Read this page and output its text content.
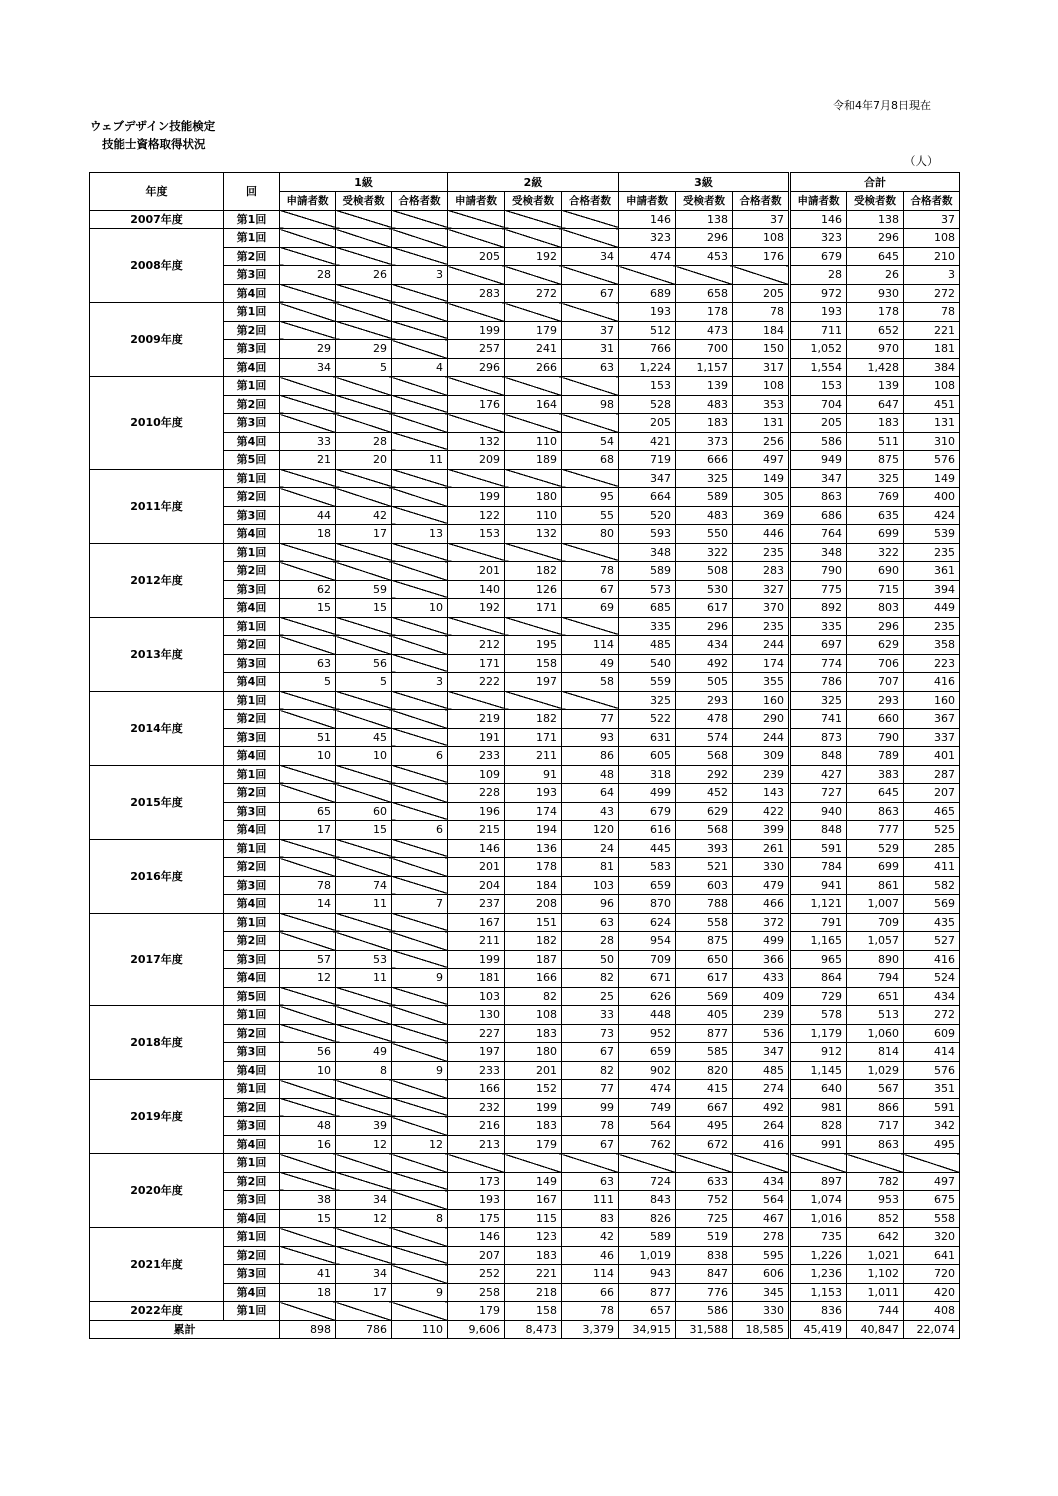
令和4年7月8日現在
ウェブデザイン技能検定
技能士資格取得状況
（人）
年度	回	1級			2級			3級			合計		
		申請者数	受検者数	合格者数	申請者数	受検者数	合格者数	申請者数	受検者数	合格者数	申請者数	受検者数	合格者数
2007年度	第1回							146	138	37	146	138	37
2008年度	第1回							323	296	108	323	296	108
	第2回				205	192	34	474	453	176	679	645	210
	第3回	28	26	3							28	26	3
	第4回				283	272	67	689	658	205	972	930	272
2009年度	第1回							193	178	78	193	178	78
	第2回				199	179	37	512	473	184	711	652	221
	第3回	29	29		257	241	31	766	700	150	1,052	970	181
	第4回	34	5	4	296	266	63	1,224	1,157	317	1,554	1,428	384
2010年度	第1回							153	139	108	153	139	108
	第2回				176	164	98	528	483	353	704	647	451
	第3回							205	183	131	205	183	131
	第4回	33	28		132	110	54	421	373	256	586	511	310
	第5回	21	20	11	209	189	68	719	666	497	949	875	576
2011年度	第1回							347	325	149	347	325	149
	第2回				199	180	95	664	589	305	863	769	400
	第3回	44	42		122	110	55	520	483	369	686	635	424
	第4回	18	17	13	153	132	80	593	550	446	764	699	539
2012年度	第1回							348	322	235	348	322	235
	第2回				201	182	78	589	508	283	790	690	361
	第3回	62	59		140	126	67	573	530	327	775	715	394
	第4回	15	15	10	192	171	69	685	617	370	892	803	449
2013年度	第1回							335	296	235	335	296	235
	第2回				212	195	114	485	434	244	697	629	358
	第3回	63	56		171	158	49	540	492	174	774	706	223
	第4回	5	5	3	222	197	58	559	505	355	786	707	416
2014年度	第1回							325	293	160	325	293	160
	第2回				219	182	77	522	478	290	741	660	367
	第3回	51	45		191	171	93	631	574	244	873	790	337
	第4回	10	10	6	233	211	86	605	568	309	848	789	401
2015年度	第1回				109	91	48	318	292	239	427	383	287
	第2回				228	193	64	499	452	143	727	645	207
	第3回	65	60		196	174	43	679	629	422	940	863	465
	第4回	17	15	6	215	194	120	616	568	399	848	777	525
2016年度	第1回				146	136	24	445	393	261	591	529	285
	第2回				201	178	81	583	521	330	784	699	411
	第3回	78	74		204	184	103	659	603	479	941	861	582
	第4回	14	11	7	237	208	96	870	788	466	1,121	1,007	569
2017年度	第1回				167	151	63	624	558	372	791	709	435
	第2回				211	182	28	954	875	499	1,165	1,057	527
	第3回	57	53		199	187	50	709	650	366	965	890	416
	第4回	12	11	9	181	166	82	671	617	433	864	794	524
	第5回				103	82	25	626	569	409	729	651	434
2018年度	第1回				130	108	33	448	405	239	578	513	272
	第2回				227	183	73	952	877	536	1,179	1,060	609
	第3回	56	49		197	180	67	659	585	347	912	814	414
	第4回	10	8	9	233	201	82	902	820	485	1,145	1,029	576
2019年度	第1回				166	152	77	474	415	274	640	567	351
	第2回				232	199	99	749	667	492	981	866	591
	第3回	48	39		216	183	78	564	495	264	828	717	342
	第4回	16	12	12	213	179	67	762	672	416	991	863	495
2020年度	第1回												
	第2回				173	149	63	724	633	434	897	782	497
	第3回	38	34		193	167	111	843	752	564	1,074	953	675
	第4回	15	12	8	175	115	83	826	725	467	1,016	852	558
2021年度	第1回				146	123	42	589	519	278	735	642	320
	第2回				207	183	46	1,019	838	595	1,226	1,021	641
	第3回	41	34		252	221	114	943	847	606	1,236	1,102	720
	第4回	18	17	9	258	218	66	877	776	345	1,153	1,011	420
2022年度	第1回				179	158	78	657	586	330	836	744	408
累計		898	786	110	9,606	8,473	3,379	34,915	31,588	18,585	45,419	40,847	22,074
